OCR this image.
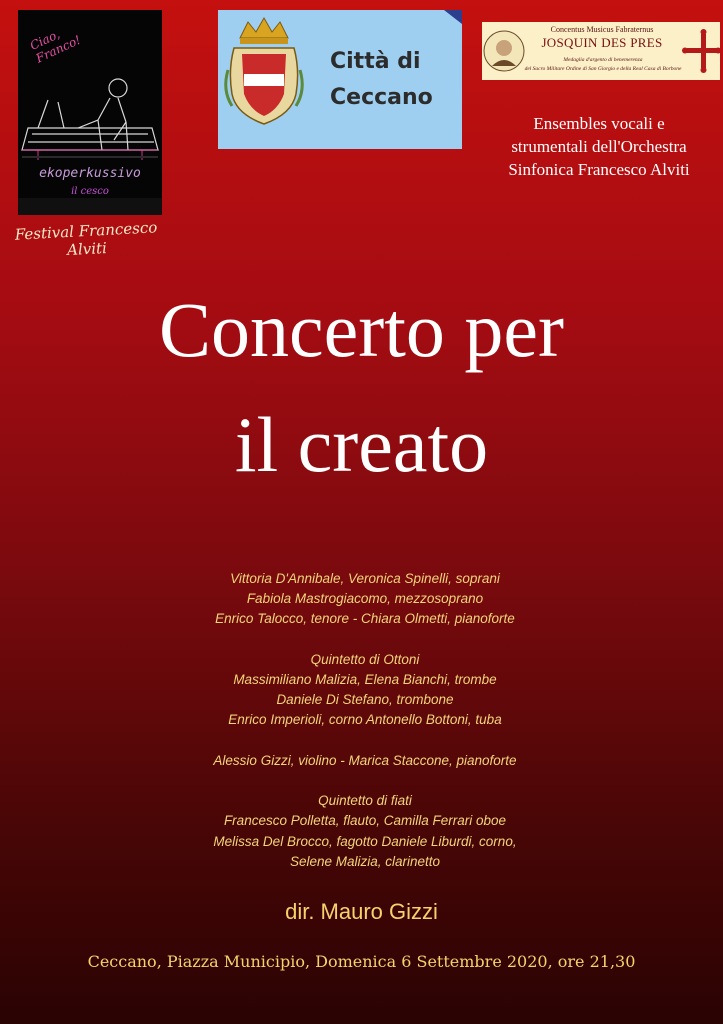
Ciao, Franco!
ekoperkussivo
il cesco
Festival Francesco Alviti
Città di
Ceccano
Concentus Musicus Fabraternus
JOSQUIN DES PRES
Medaglia d'argento di benemerenza
del Sacro Militare Ordine di San Giorgio e della Real Casa di Borbone
Ensembles vocali e
strumentali dell'Orchestra
Sinfonica Francesco Alviti
Concerto per
il creato
Vittoria D'Annibale, Veronica Spinelli, soprani
Fabiola Mastrogiacomo, mezzosoprano
Enrico Talocco, tenore - Chiara Olmetti, pianoforte
Quintetto di Ottoni
Massimiliano Malizia, Elena Bianchi, trombe
Daniele Di Stefano, trombone
Enrico Imperioli, corno Antonello Bottoni, tuba
Alessio Gizzi, violino - Marica Staccone, pianoforte
Quintetto di fiati
Francesco Polletta, flauto, Camilla Ferrari oboe
Melissa Del Brocco, fagotto Daniele Liburdi, corno,
Selene Malizia, clarinetto
dir. Mauro Gizzi
Ceccano, Piazza Municipio, Domenica 6 Settembre 2020, ore 21,30
